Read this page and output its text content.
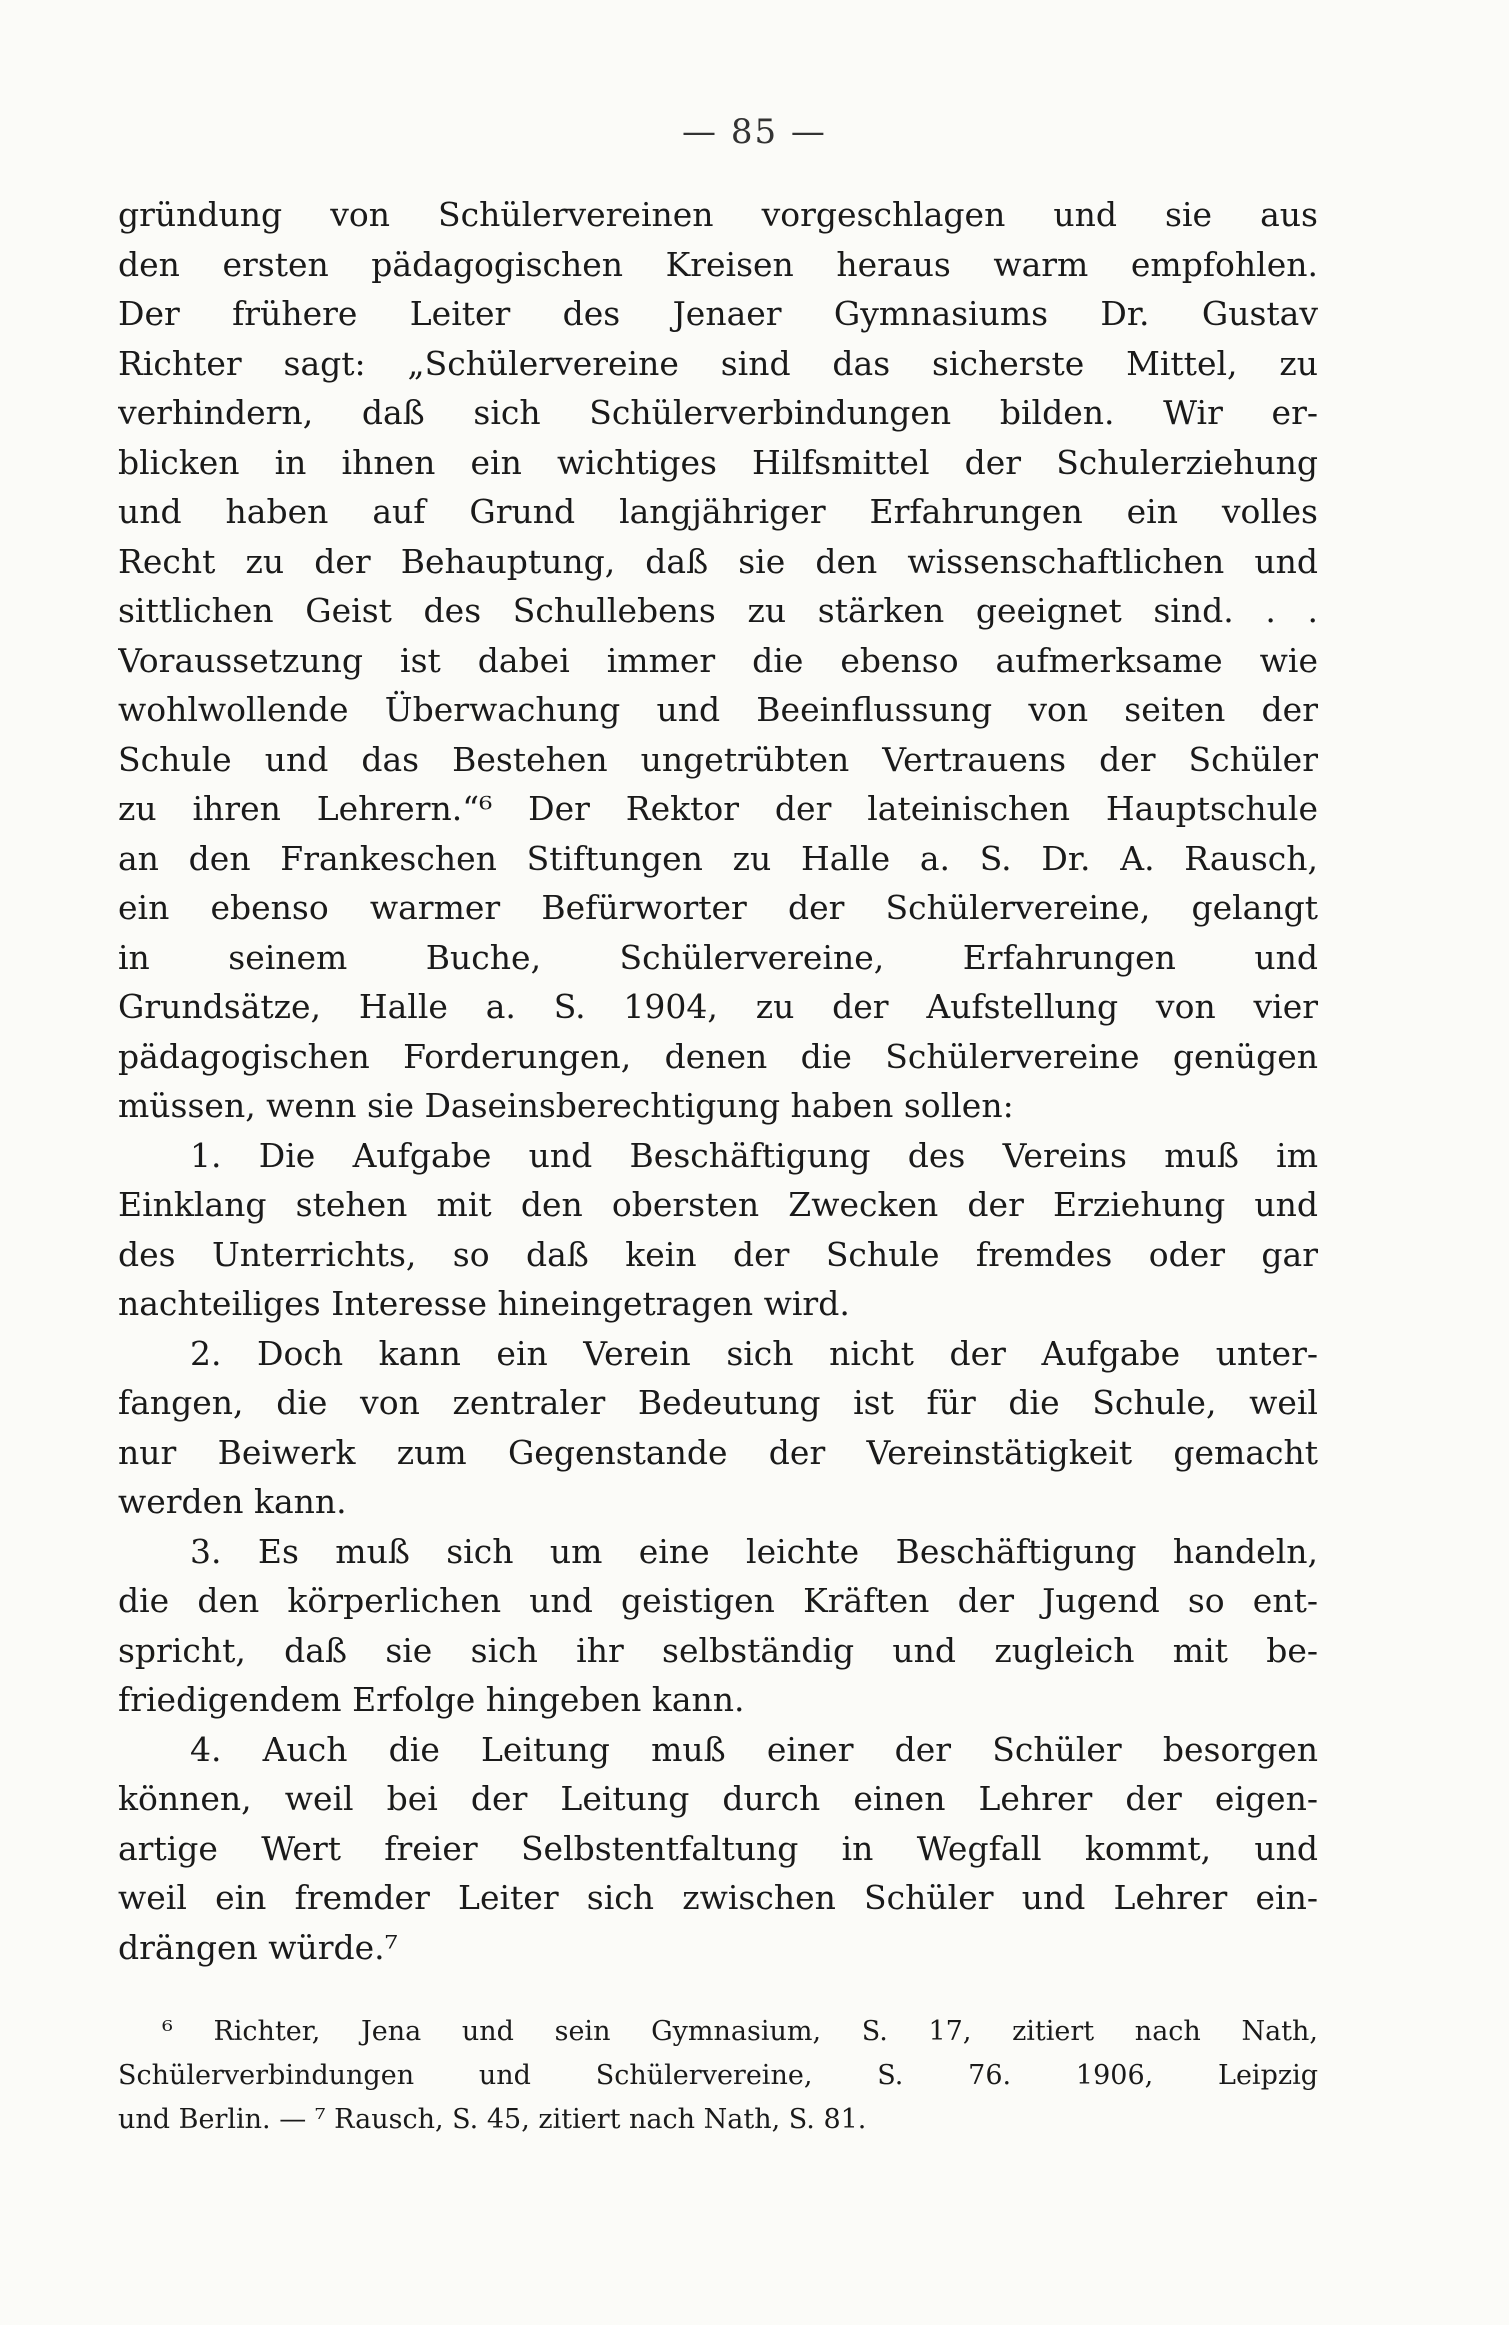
— 85 —
gründung von Schülervereinen vorgeschlagen und sie aus
den ersten pädagogischen Kreisen heraus warm empfohlen.
Der frühere Leiter des Jenaer Gymnasiums Dr. Gustav
Richter sagt: „Schülervereine sind das sicherste Mittel, zu
verhindern, daß sich Schülerverbindungen bilden. Wir er-
blicken in ihnen ein wichtiges Hilfsmittel der Schulerziehung
und haben auf Grund langjähriger Erfahrungen ein volles
Recht zu der Behauptung, daß sie den wissenschaftlichen und
sittlichen Geist des Schullebens zu stärken geeignet sind. . .
Voraussetzung ist dabei immer die ebenso aufmerksame wie
wohlwollende Überwachung und Beeinflussung von seiten der
Schule und das Bestehen ungetrübten Vertrauens der Schüler
zu ihren Lehrern.“⁶ Der Rektor der lateinischen Hauptschule
an den Frankeschen Stiftungen zu Halle a. S. Dr. A. Rausch,
ein ebenso warmer Befürworter der Schülervereine, gelangt
in seinem Buche, Schülervereine, Erfahrungen und
Grundsätze, Halle a. S. 1904, zu der Aufstellung von vier
pädagogischen Forderungen, denen die Schülervereine genügen
müssen, wenn sie Daseinsberechtigung haben sollen:
1. Die Aufgabe und Beschäftigung des Vereins muß im
Einklang stehen mit den obersten Zwecken der Erziehung und
des Unterrichts, so daß kein der Schule fremdes oder gar
nachteiliges Interesse hineingetragen wird.
2. Doch kann ein Verein sich nicht der Aufgabe unter-
fangen, die von zentraler Bedeutung ist für die Schule, weil
nur Beiwerk zum Gegenstande der Vereinstätigkeit gemacht
werden kann.
3. Es muß sich um eine leichte Beschäftigung handeln,
die den körperlichen und geistigen Kräften der Jugend so ent-
spricht, daß sie sich ihr selbständig und zugleich mit be-
friedigendem Erfolge hingeben kann.
4. Auch die Leitung muß einer der Schüler besorgen
können, weil bei der Leitung durch einen Lehrer der eigen-
artige Wert freier Selbstentfaltung in Wegfall kommt, und
weil ein fremder Leiter sich zwischen Schüler und Lehrer ein-
drängen würde.⁷
⁶ Richter, Jena und sein Gymnasium, S. 17, zitiert nach Nath,
Schülerverbindungen und Schülervereine, S. 76. 1906, Leipzig
und Berlin. — ⁷ Rausch, S. 45, zitiert nach Nath, S. 81.
